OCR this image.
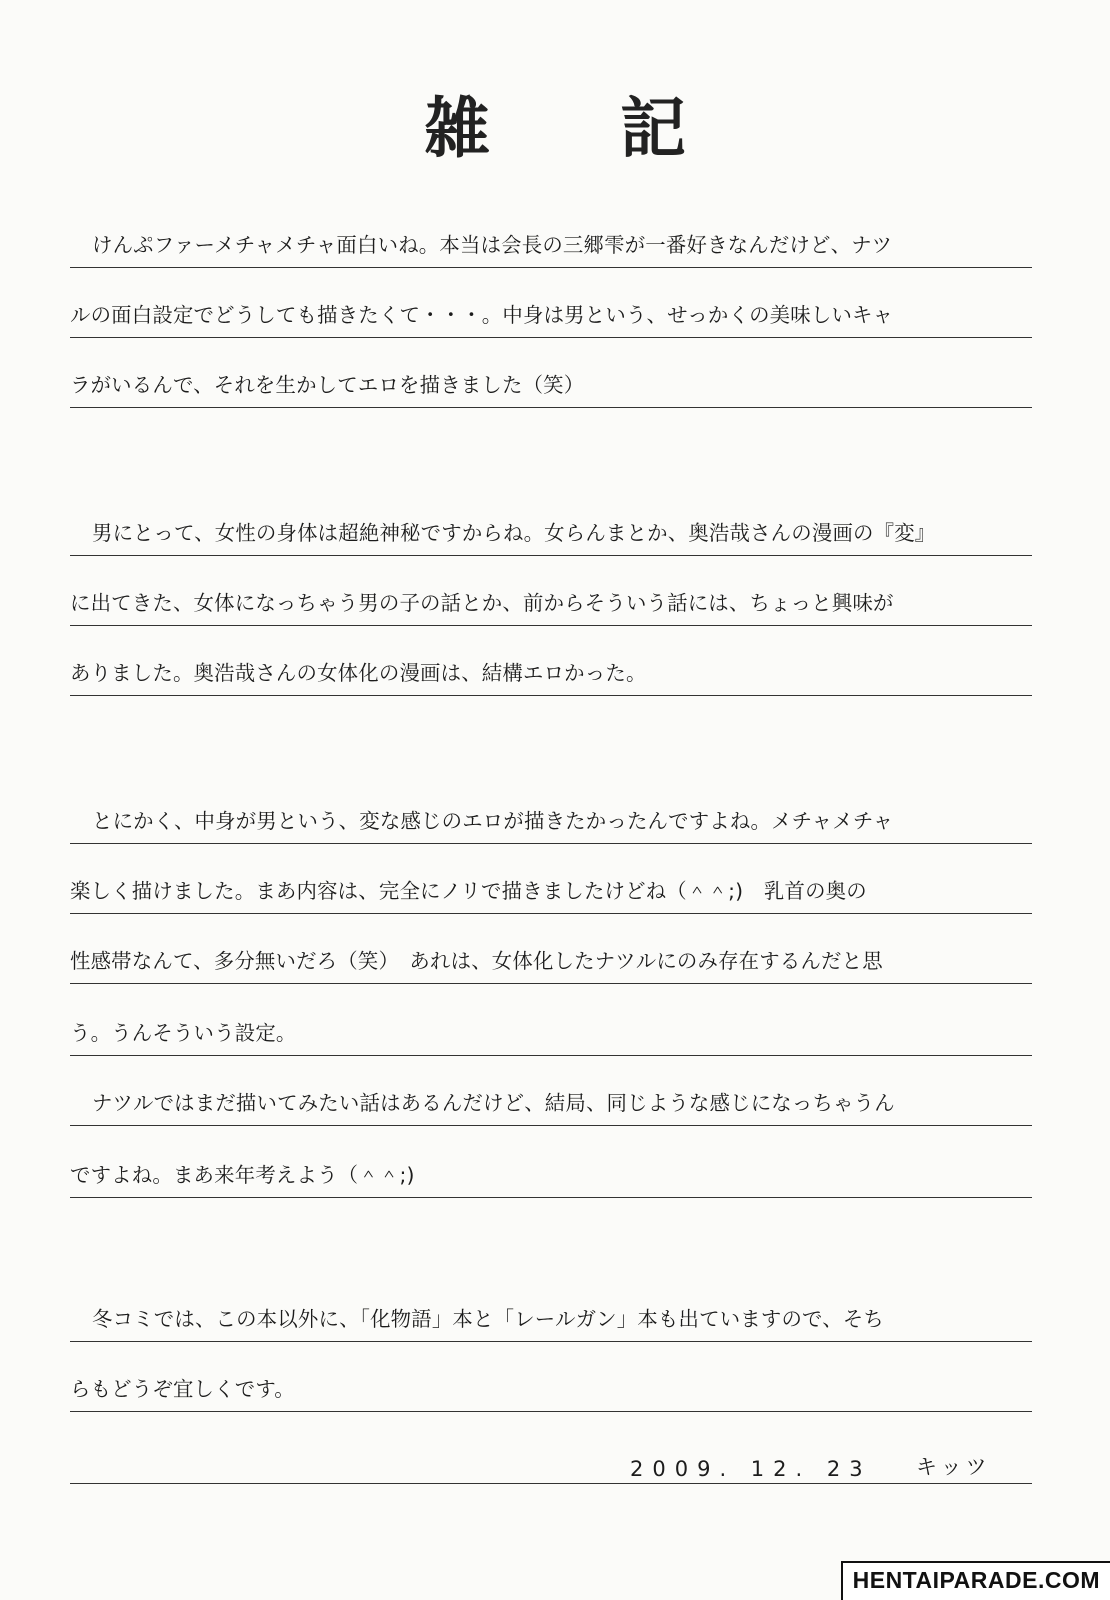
雑記
けんぷファーメチャメチャ面白いね。本当は会長の三郷雫が一番好きなんだけど、ナツ
ルの面白設定でどうしても描きたくて・・・。中身は男という、せっかくの美味しいキャ
ラがいるんで、それを生かしてエロを描きました（笑）
男にとって、女性の身体は超絶神秘ですからね。女らんまとか、奥浩哉さんの漫画の『変』
に出てきた、女体になっちゃう男の子の話とか、前からそういう話には、ちょっと興味が
ありました。奥浩哉さんの女体化の漫画は、結構エロかった。
とにかく、中身が男という、変な感じのエロが描きたかったんですよね。メチャメチャ
楽しく描けました。まあ内容は、完全にノリで描きましたけどね（＾＾;)　乳首の奥の
性感帯なんて、多分無いだろ（笑）　あれは、女体化したナツルにのみ存在するんだと思
う。うんそういう設定。
ナツルではまだ描いてみたい話はあるんだけど、結局、同じような感じになっちゃうん
ですよね。まあ来年考えよう（＾＾;)
冬コミでは、この本以外に、「化物語」本と「レールガン」本も出ていますので、そち
らもどうぞ宜しくです。
2009. 12. 23 キッツ
HENTAIPARADE.COM
